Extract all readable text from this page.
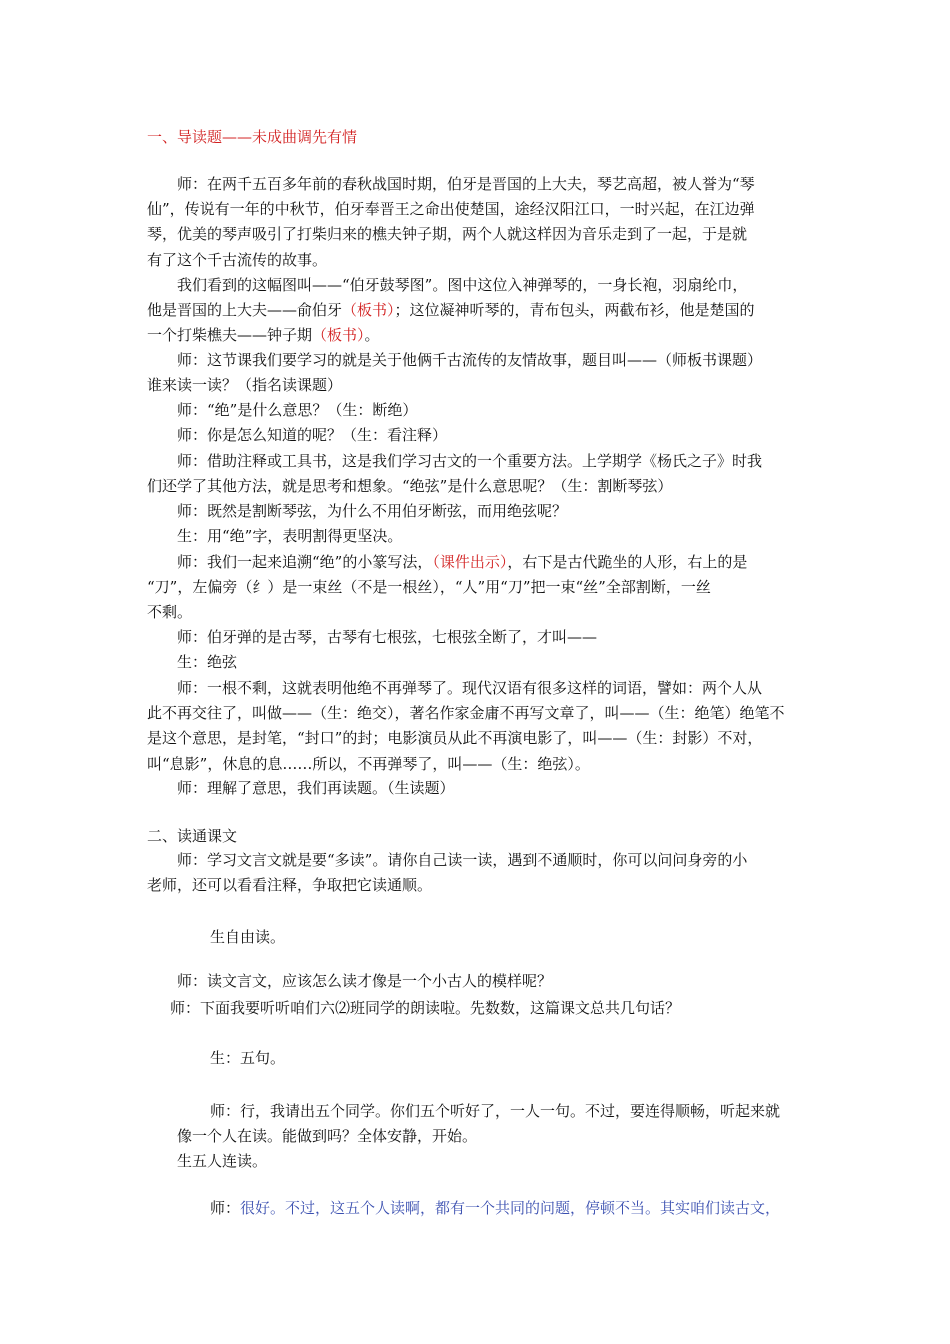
一、导读题——未成曲调先有情

师：在两千五百多年前的春秋战国时期，伯牙是晋国的上大夫，琴艺高超，被人誉为“琴

仙”，传说有一年的中秋节，伯牙奉晋王之命出使楚国，途经汉阳江口，一时兴起，在江边弹
琴，优美的琴声吸引了打柴归来的樵夫钟子期，两个人就这样因为音乐走到了一起，于是就
有了这个千古流传的故事。

我们看到的这幅图叫——“伯牙鼓琴图”。图中这位入神弹琴的，一身长袍，羽扇纶巾，

他是晋国的上大夫——俞伯牙（板书）；这位凝神听琴的，青布包头，两截布衫，他是楚国的
一个打柴樵夫——钟子期（板书）。

师：这节课我们要学习的就是关于他俩千古流传的友情故事，题目叫——（师板书课题）

谁来读一读？（指名读课题）

师：“绝”是什么意思？（生：断绝）
师：你是怎么知道的呢？（生：看注释）
师：借助注释或工具书，这是我们学习古文的一个重要方法。上学期学《杨氏之子》时我

们还学了其他方法，就是思考和想象。“绝弦”是什么意思呢？（生：割断琴弦）

师：既然是割断琴弦，为什么不用伯牙断弦，而用绝弦呢？
生：用“绝”字，表明割得更坚决。
师：我们一起来追溯“绝”的小篆写法，（课件出示），右下是古代跪坐的人形，右上的是

“刀”，左偏旁（纟）是一束丝（不是一根丝），“人”用“刀”把一束“丝”全部割断，一丝
不剩。

师：伯牙弹的是古琴，古琴有七根弦，七根弦全断了，才叫——
生：绝弦
师：一根不剩，这就表明他绝不再弹琴了。现代汉语有很多这样的词语，譬如：两个人从

此不再交往了，叫做——（生：绝交），著名作家金庸不再写文章了，叫——（生：绝笔）绝笔不
是这个意思，是封笔，“封口”的封；电影演员从此不再演电影了，叫——（生：封影）不对，
叫“息影”，休息的息……所以，不再弹琴了，叫——（生：绝弦）。

师：理解了意思，我们再读题。（生读题）

二、读通课文

师：学习文言文就是要“多读”。请你自己读一读，遇到不通顺时，你可以问问身旁的小

老师，还可以看看注释，争取把它读通顺。

生自由读。

师：读文言文，应该怎么读才像是一个小古人的模样呢？

师：下面我要听听咱们六⑵班同学的朗读啦。先数数，这篇课文总共几句话？

生：五句。

师：行，我请出五个同学。你们五个听好了，一人一句。不过，要连得顺畅，听起来就

像一个人在读。能做到吗？全体安静，开始。
生五人连读。

师：很好。不过，这五个人读啊，都有一个共同的问题，停顿不当。其实咱们读古文，
